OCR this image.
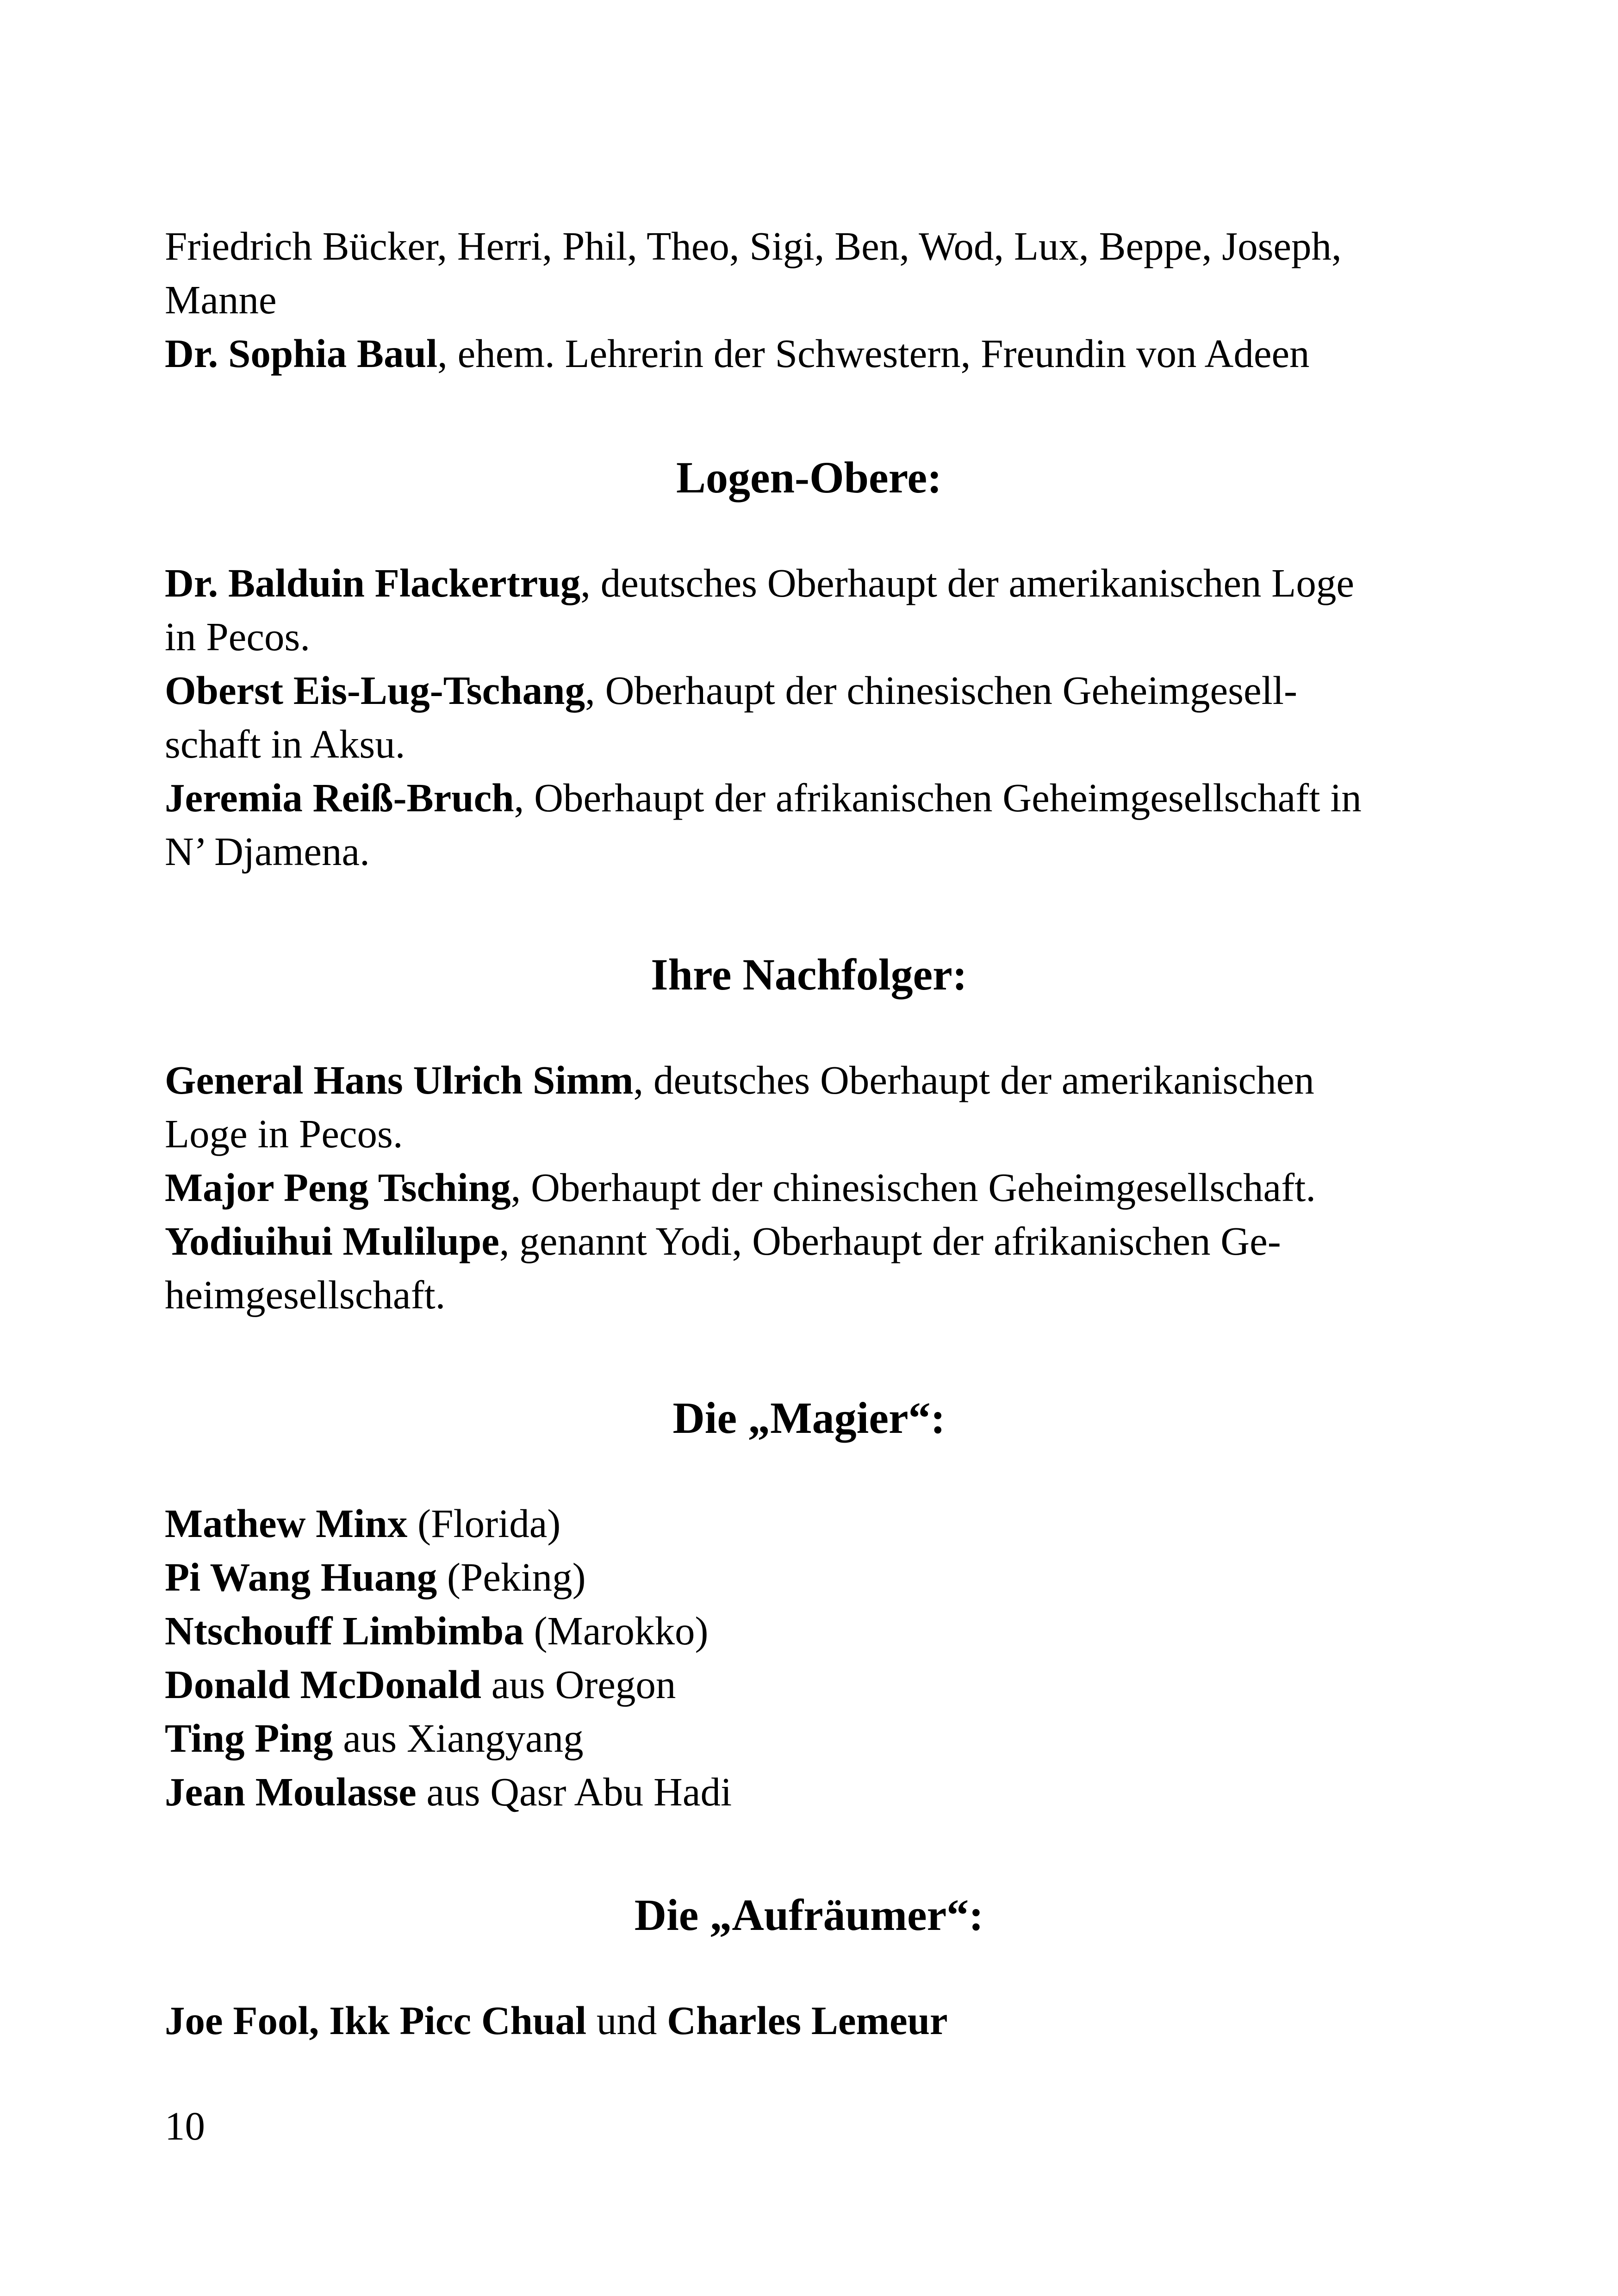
Friedrich Bücker, Herri, Phil, Theo, Sigi, Ben, Wod, Lux, Beppe, Joseph,
Manne
Dr. Sophia Baul, ehem. Lehrerin der Schwestern, Freundin von Adeen
Logen-Obere:
Dr. Balduin Flackertrug, deutsches Oberhaupt der amerikanischen Loge
in Pecos.
Oberst Eis-Lug-Tschang, Oberhaupt der chinesischen Geheimgesell-
schaft in Aksu.
Jeremia Reiß-Bruch, Oberhaupt der afrikanischen Geheimgesellschaft in
N’ Djamena.
Ihre Nachfolger:
General Hans Ulrich Simm, deutsches Oberhaupt der amerikanischen
Loge in Pecos.
Major Peng Tsching, Oberhaupt der chinesischen Geheimgesellschaft.
Yodiuihui Mulilupe, genannt Yodi, Oberhaupt der afrikanischen Ge-
heimgesellschaft.
Die „Magier“:
Mathew Minx (Florida)
Pi Wang Huang (Peking)
Ntschouff Limbimba (Marokko)
Donald McDonald aus Oregon
Ting Ping aus Xiangyang
Jean Moulasse aus Qasr Abu Hadi
Die „Aufräumer“:
Joe Fool, Ikk Picc Chual und Charles Lemeur
10
